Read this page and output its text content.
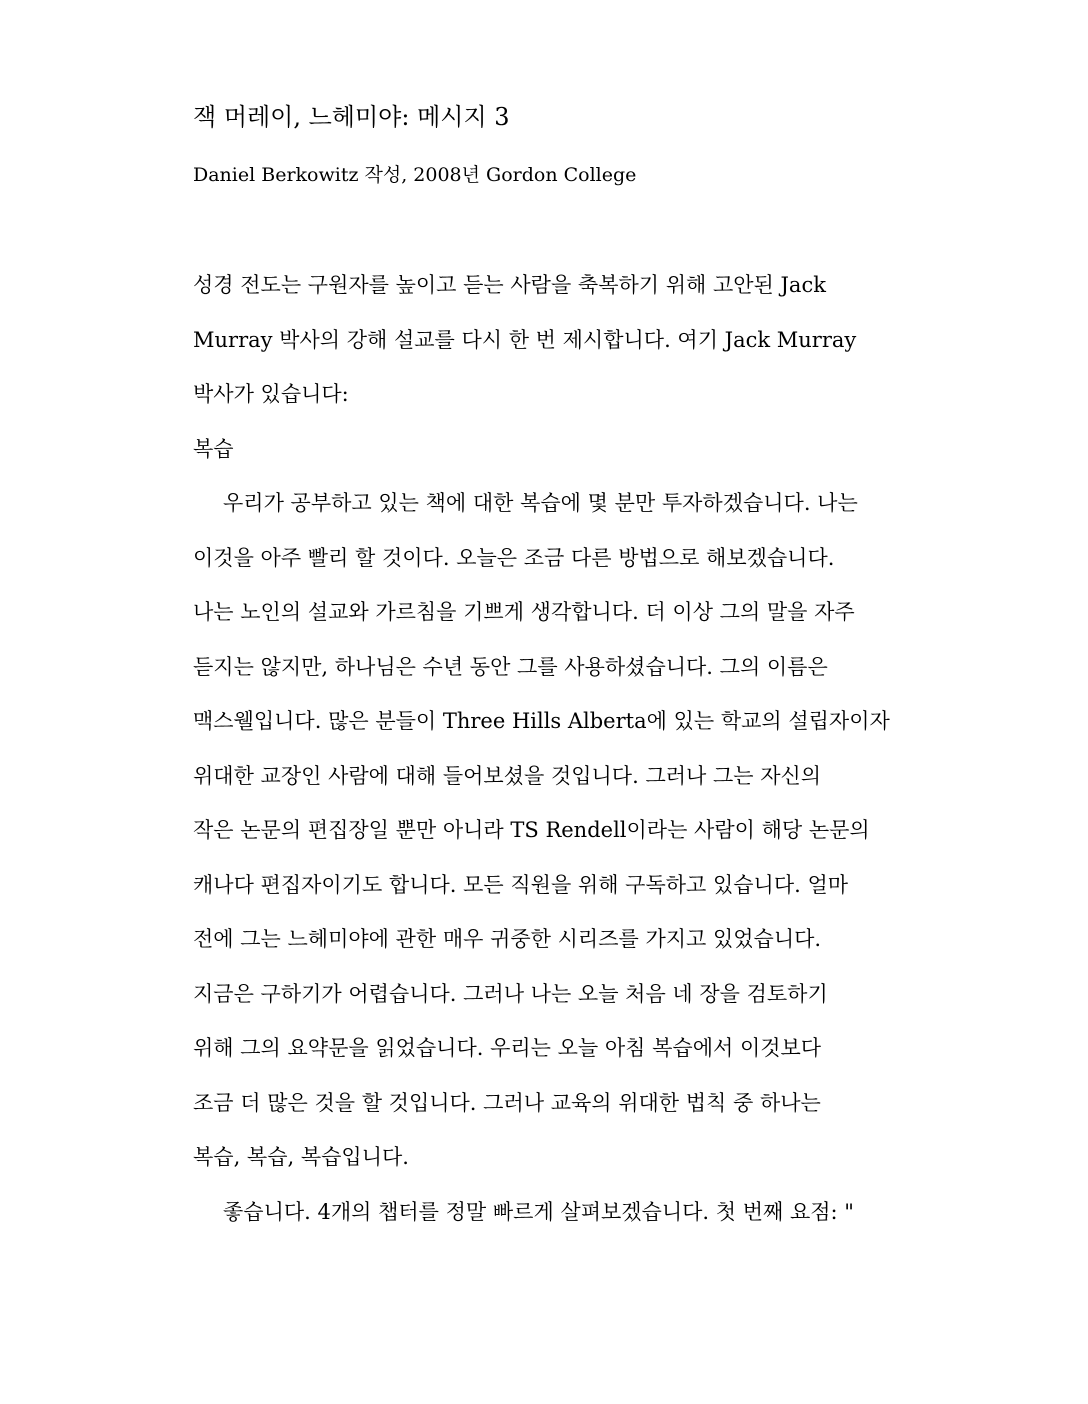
잭 머레이, 느헤미야: 메시지 3

Daniel Berkowitz 작성, 2008년 Gordon College

성경 전도는 구원자를 높이고 듣는 사람을 축복하기 위해 고안된 Jack
Murray 박사의 강해 설교를 다시 한 번 제시합니다. 여기 Jack Murray
박사가 있습니다:
복습
우리가 공부하고 있는 책에 대한 복습에 몇 분만 투자하겠습니다. 나는
이것을 아주 빨리 할 것이다. 오늘은 조금 다른 방법으로 해보겠습니다.
나는 노인의 설교와 가르침을 기쁘게 생각합니다. 더 이상 그의 말을 자주
듣지는 않지만, 하나님은 수년 동안 그를 사용하셨습니다. 그의 이름은
맥스웰입니다. 많은 분들이 Three Hills Alberta에 있는 학교의 설립자이자
위대한 교장인 사람에 대해 들어보셨을 것입니다. 그러나 그는 자신의
작은 논문의 편집장일 뿐만 아니라 TS Rendell이라는 사람이 해당 논문의
캐나다 편집자이기도 합니다. 모든 직원을 위해 구독하고 있습니다. 얼마
전에 그는 느헤미야에 관한 매우 귀중한 시리즈를 가지고 있었습니다.
지금은 구하기가 어렵습니다. 그러나 나는 오늘 처음 네 장을 검토하기
위해 그의 요약문을 읽었습니다. 우리는 오늘 아침 복습에서 이것보다
조금 더 많은 것을 할 것입니다. 그러나 교육의 위대한 법칙 중 하나는
복습, 복습, 복습입니다.
좋습니다. 4개의 챕터를 정말 빠르게 살펴보겠습니다. 첫 번째 요점: "
